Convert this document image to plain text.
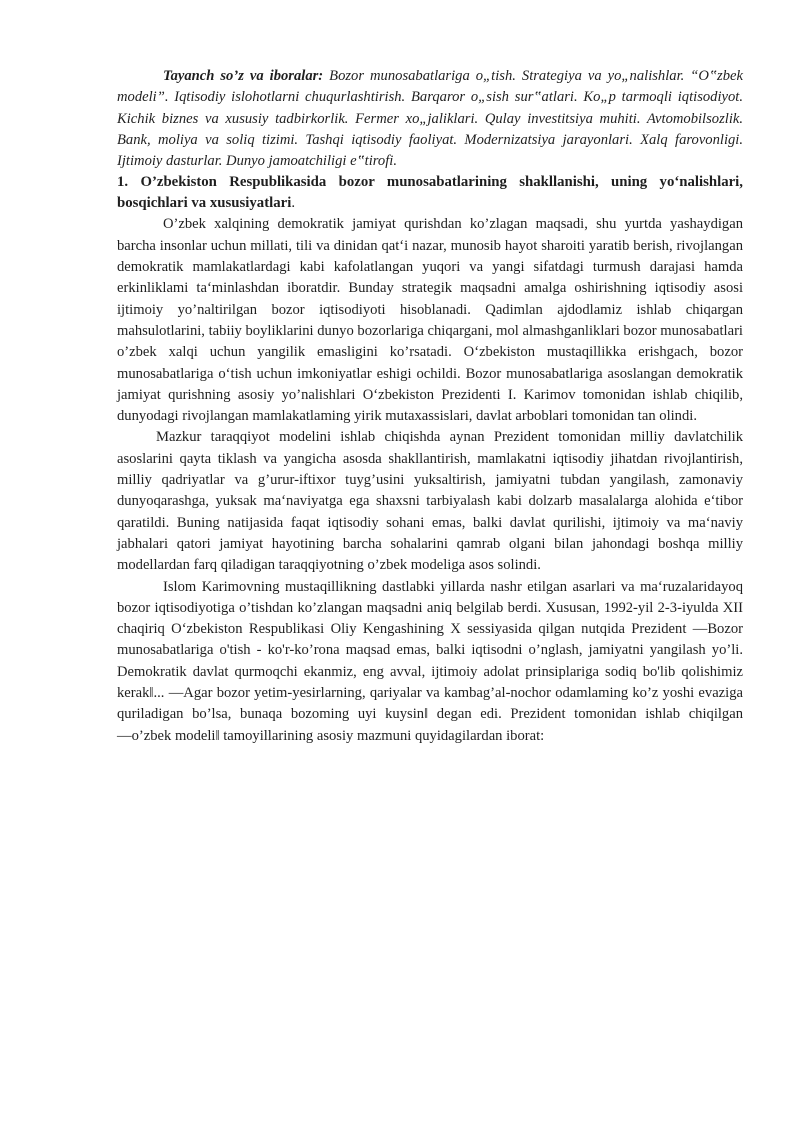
Tayanch so’z va iboralar: Bozor munosabatlariga o„tish. Strategiya va yo„nalishlar. “O‟zbek modeli”. Iqtisodiy islohotlarni chuqurlashtirish. Barqaror o„sish sur‟atlari. Ko„p tarmoqli iqtisodiyot. Kichik biznes va xususiy tadbirkorlik. Fermer xo„jaliklari. Qulay investitsiya muhiti. Avtomobilsozlik. Bank, moliya va soliq tizimi. Tashqi iqtisodiy faoliyat. Modernizatsiya jarayonlari. Xalq farovonligi. Ijtimoiy dasturlar. Dunyo jamoatchiligi e‟tirofi.

1. O’zbekiston Respublikasida bozor munosabatlarining shakllanishi, uning yo‘nalishlari, bosqichlari va xususiyatlari.

O’zbek xalqining demokratik jamiyat qurishdan ko’zlagan maqsadi, shu yurtda yashaydigan barcha insonlar uchun millati, tili va dinidan qat‘i nazar, munosib hayot sharoiti yaratib berish, rivojlangan demokratik mamlakatlardagi kabi kafolatlangan yuqori va yangi sifatdagi turmush darajasi hamda erkinliklami ta‘minlashdan iboratdir. Bunday strategik maqsadni amalga oshirishning iqtisodiy asosi ijtimoiy yo’naltirilgan bozor iqtisodiyoti hisoblanadi. Qadimlan ajdodlamiz ishlab chiqargan mahsulotlarini, tabiiy boyliklarini dunyo bozorlariga chiqargani, mol almashganliklari bozor munosabatlari o’zbek xalqi uchun yangilik emasligini ko’rsatadi. O‘zbekiston mustaqillikka erishgach, bozor munosabatlariga o‘tish uchun imkoniyatlar eshigi ochildi. Bozor munosabatlariga asoslangan demokratik jamiyat qurishning asosiy yo’nalishlari O‘zbekiston Prezidenti I. Karimov tomonidan ishlab chiqilib, dunyodagi rivojlangan mamlakatlaming yirik mutaxassislari, davlat arboblari tomonidan tan olindi.

Mazkur taraqqiyot modelini ishlab chiqishda aynan Prezident tomonidan milliy davlatchilik asoslarini qayta tiklash va yangicha asosda shakllantirish, mamlakatni iqtisodiy jihatdan rivojlantirish, milliy qadriyatlar va g’urur-iftixor tuyg’usini yuksaltirish, jamiyatni tubdan yangilash, zamonaviy dunyoqarashga, yuksak ma‘naviyatga ega shaxsni tarbiyalash kabi dolzarb masalalarga alohida e‘tibor qaratildi. Buning natijasida faqat iqtisodiy sohani emas, balki davlat qurilishi, ijtimoiy va ma‘naviy jabhalari qatori jamiyat hayotining barcha sohalarini qamrab olgani bilan jahondagi boshqa milliy modellardan farq qiladigan taraqqiyotning o’zbek modeliga asos solindi.

Islom Karimovning mustaqillikning dastlabki yillarda nashr etilgan asarlari va ma‘ruzalaridayoq bozor iqtisodiyotiga o’tishdan ko’zlangan maqsadni aniq belgilab berdi. Xususan, 1992-yil 2-3-iyulda XII chaqiriq O‘zbekiston Respublikasi Oliy Kengashining X sessiyasida qilgan nutqida Prezident ―Bozor munosabatlariga o'tish - ko'r-ko’rona maqsad emas, balki iqtisodni o’nglash, jamiyatni yangilash yo’li. Demokratik davlat qurmoqchi ekanmiz, eng avval, ijtimoiy adolat prinsiplariga sodiq bo'lib qolishimiz kerak‖... ―Agar bozor yetim-yesirlarning, qariyalar va kambag’al-nochor odamlaming ko’z yoshi evaziga quriladigan bo’lsa, bunaqa bozoming uyi kuysin‖ degan edi. Prezident tomonidan ishlab chiqilgan ―o’zbek modeli‖ tamoyillarining asosiy mazmuni quyidagilardan iborat:
